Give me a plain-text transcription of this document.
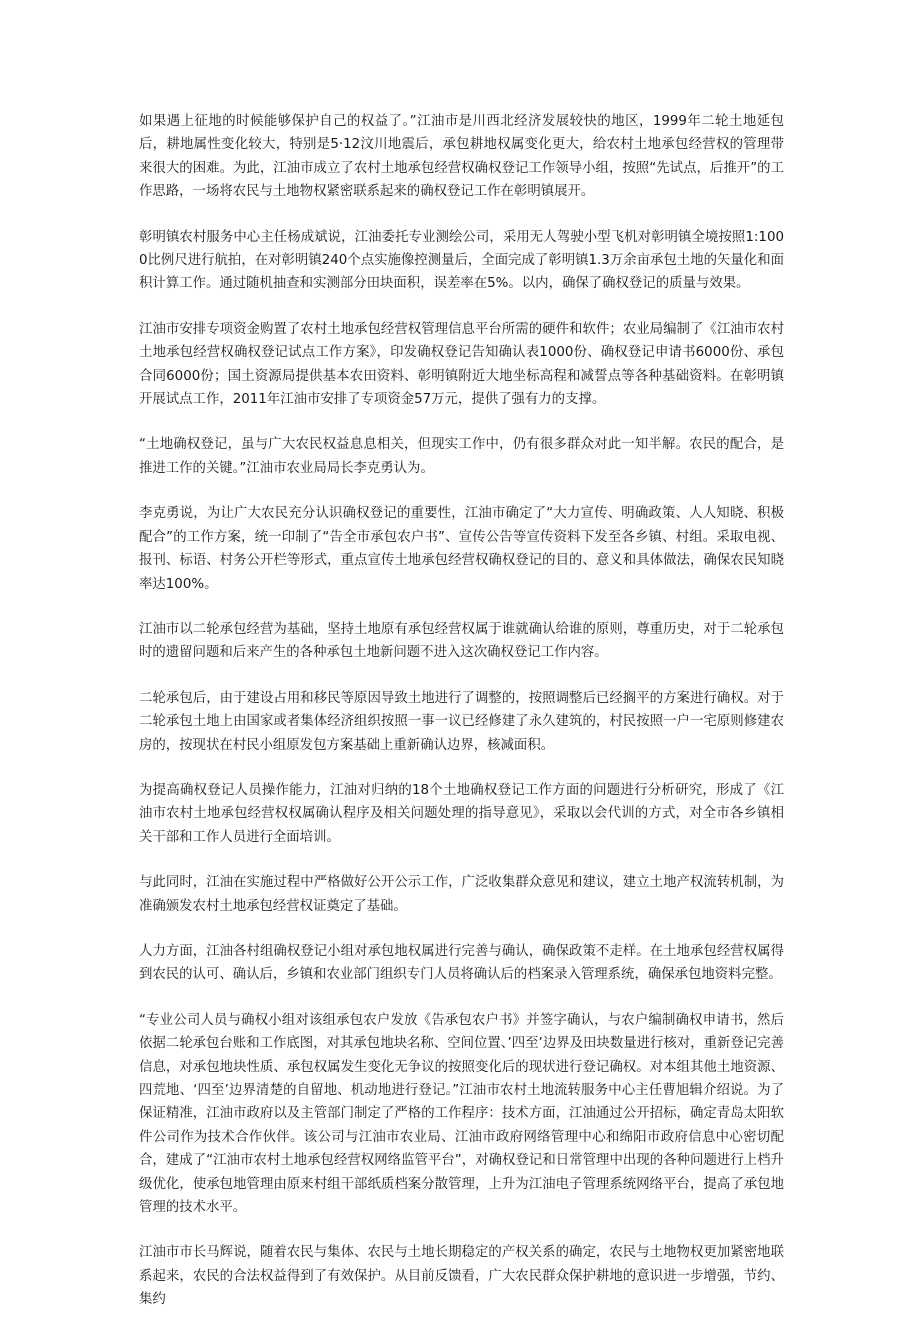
如果遇上征地的时候能够保护自己的权益了。”江油市是川西北经济发展较快的地区，1999年二轮土地延包后，耕地属性变化较大，特别是5·12汶川地震后，承包耕地权属变化更大，给农村土地承包经营权的管理带来很大的困难。为此，江油市成立了农村土地承包经营权确权登记工作领导小组，按照“先试点，后推开”的工作思路，一场将农民与土地物权紧密联系起来的确权登记工作在彰明镇展开。

彰明镇农村服务中心主任杨成斌说，江油委托专业测绘公司，采用无人驾驶小型飞机对彰明镇全境按照1:1000比例尺进行航拍，在对彰明镇240个点实施像控测量后，全面完成了彰明镇1.3万余亩承包土地的矢量化和面积计算工作。通过随机抽查和实测部分田块面积，误差率在5%。以内，确保了确权登记的质量与效果。

江油市安排专项资金购置了农村土地承包经营权管理信息平台所需的硬件和软件；农业局编制了《江油市农村土地承包经营权确权登记试点工作方案》，印发确权登记告知确认表1000份、确权登记申请书6000份、承包合同6000份；国土资源局提供基本农田资料、彰明镇附近大地坐标高程和减誓点等各种基础资料。在彰明镇开展试点工作，2011年江油市安排了专项资金57万元，提供了强有力的支撑。

“土地确权登记，虽与广大农民权益息息相关，但现实工作中，仍有很多群众对此一知半解。农民的配合，是推进工作的关键。”江油市农业局局长李克勇认为。

李克勇说，为让广大农民充分认识确权登记的重要性，江油市确定了“大力宣传、明确政策、人人知晓、积极配合”的工作方案，统一印制了“告全市承包农户书”、宣传公告等宣传资料下发至各乡镇、村组。采取电视、报刊、标语、村务公开栏等形式，重点宣传土地承包经营权确权登记的目的、意义和具体做法，确保农民知晓率达100%。

江油市以二轮承包经营为基础，坚持土地原有承包经营权属于谁就确认给谁的原则，尊重历史，对于二轮承包时的遗留问题和后来产生的各种承包土地新问题不进入这次确权登记工作内容。

二轮承包后，由于建设占用和移民等原因导致土地进行了调整的，按照调整后已经搁平的方案进行确权。对于二轮承包土地上由国家或者集体经济组织按照一事一议已经修建了永久建筑的，村民按照一户一宅原则修建农房的，按现状在村民小组原发包方案基础上重新确认边界，核减面积。

为提高确权登记人员操作能力，江油对归纳的18个土地确权登记工作方面的问题进行分析研究，形成了《江油市农村土地承包经营权权属确认程序及相关问题处理的指导意见》，采取以会代训的方式，对全市各乡镇相关干部和工作人员进行全面培训。

与此同时，江油在实施过程中严格做好公开公示工作，广泛收集群众意见和建议，建立土地产权流转机制，为准确颁发农村土地承包经营权证奠定了基础。

人力方面，江油各村组确权登记小组对承包地权属进行完善与确认，确保政策不走样。在土地承包经营权属得到农民的认可、确认后，乡镇和农业部门组织专门人员将确认后的档案录入管理系统，确保承包地资料完整。

“专业公司人员与确权小组对该组承包农户发放《告承包农户书》并签字确认，与农户编制确权申请书，然后依据二轮承包台账和工作底图，对其承包地块名称、空间位置、’四至’边界及田块数量进行核对，重新登记完善信息，对承包地块性质、承包权属发生变化无争议的按照变化后的现状进行登记确权。对本组其他土地资源、四荒地、‘四至’边界清楚的自留地、机动地进行登记。”江油市农村土地流转服务中心主任曹旭辑介绍说。为了保证精准，江油市政府以及主管部门制定了严格的工作程序：技术方面，江油通过公开招标，确定青岛太阳软件公司作为技术合作伙伴。该公司与江油市农业局、江油市政府网络管理中心和绵阳市政府信息中心密切配合，建成了“江油市农村土地承包经营权网络监管平台”，对确权登记和日常管理中出现的各种问题进行上档升级优化，使承包地管理由原来村组干部纸质档案分散管理，上升为江油电子管理系统网络平台，提高了承包地管理的技术水平。

江油市市长马辉说，随着农民与集体、农民与土地长期稳定的产权关系的确定，农民与土地物权更加紧密地联系起来，农民的合法权益得到了有效保护。从目前反馈看，广大农民群众保护耕地的意识进一步增强，节约、集约
